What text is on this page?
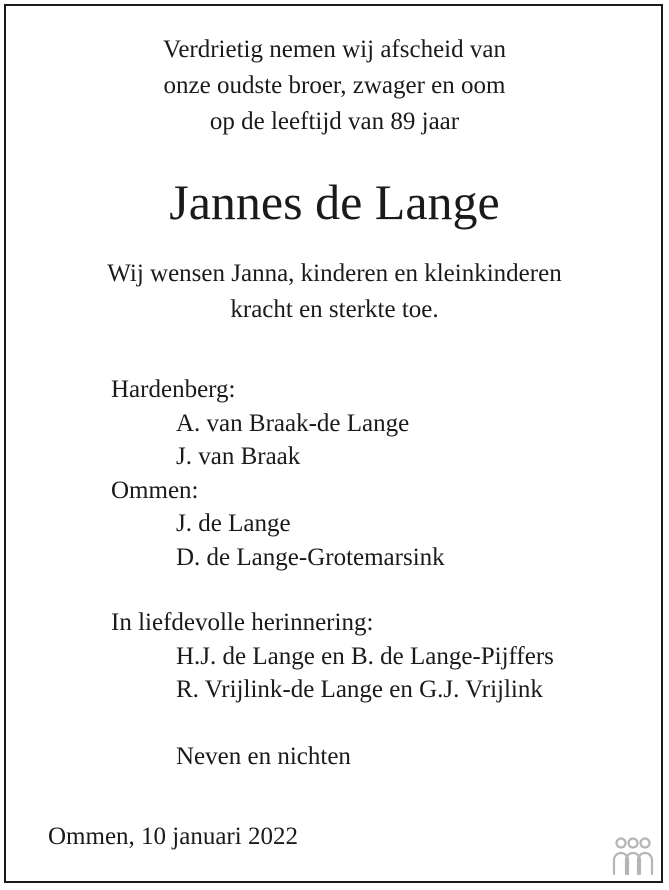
Verdrietig nemen wij afscheid van
onze oudste broer, zwager en oom
op de leeftijd van 89 jaar
Jannes de Lange
Wij wensen Janna, kinderen en kleinkinderen
kracht en sterkte toe.
Hardenberg:
A. van Braak-de Lange
J. van Braak
Ommen:
J. de Lange
D. de Lange-Grotemarsink
In liefdevolle herinnering:
H.J. de Lange en B. de Lange-Pijffers
R. Vrijlink-de Lange en G.J. Vrijlink
Neven en nichten
Ommen, 10 januari 2022
